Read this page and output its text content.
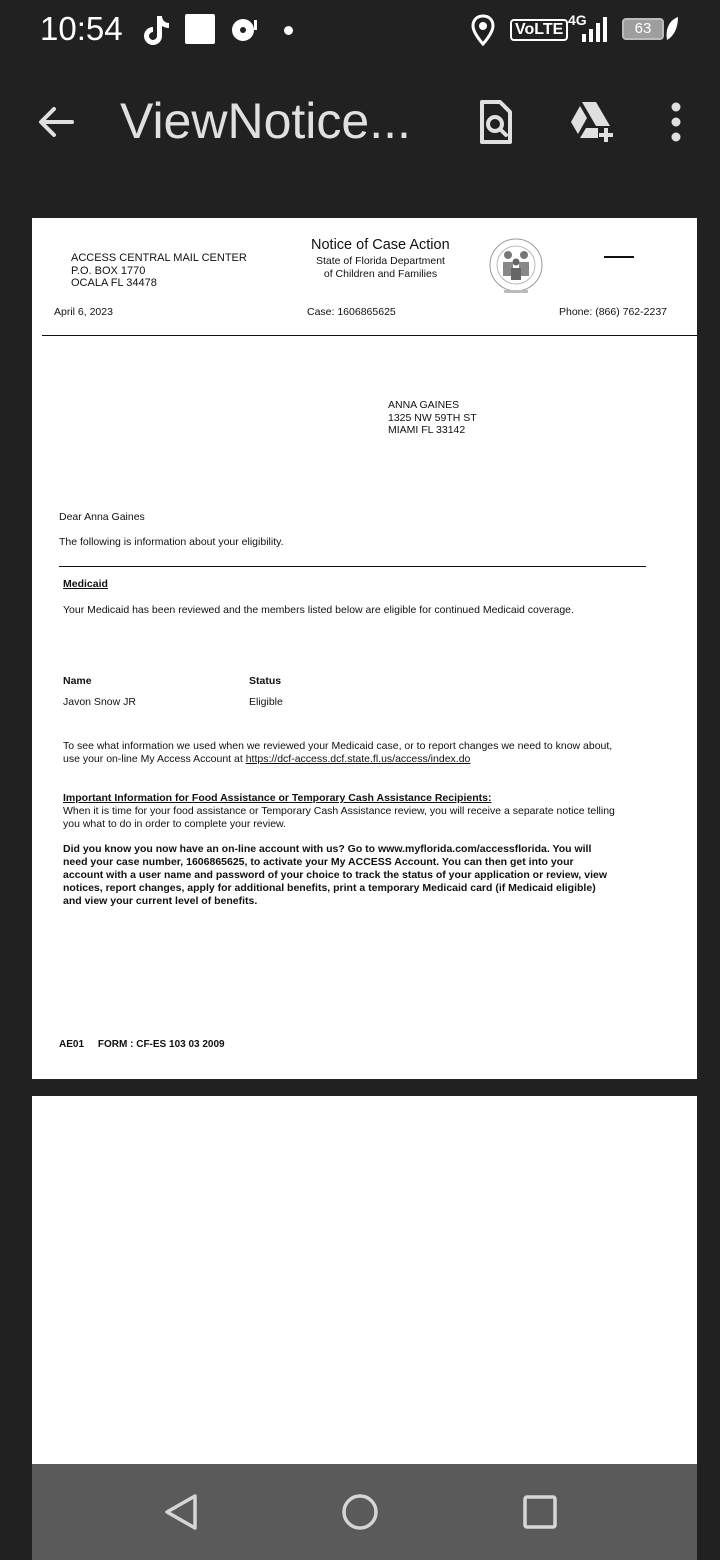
10:54	VoLTE
4G	63
ViewNotice...
ACCESS CENTRAL MAIL CENTER
P.O. BOX 1770
OCALA FL 34478
Notice of Case Action
State of Florida Department
of Children and Families
April 6, 2023	Case: 1606865625	Phone: (866) 762-2237
ANNA GAINES
1325 NW 59TH ST
MIAMI FL 33142
Dear Anna Gaines
The following is information about your eligibility.
Medicaid
Your Medicaid has been reviewed and the members listed below are eligible for continued Medicaid coverage.
Name	Status
Javon Snow JR	Eligible
To see what information we used when we reviewed your Medicaid case, or to report changes we need to know about,
use your on-line My Access Account at https://dcf-access.dcf.state.fl.us/access/index.do
Important Information for Food Assistance or Temporary Cash Assistance Recipients:
When it is time for your food assistance or Temporary Cash Assistance review, you will receive a separate notice telling
you what to do in order to complete your review.
Did you know you now have an on-line account with us? Go to www.myflorida.com/accessflorida. You will
need your case number, 1606865625, to activate your My ACCESS Account. You can then get into your
account with a user name and password of your choice to track the status of your application or review, view
notices, report changes, apply for additional benefits, print a temporary Medicaid card (if Medicaid eligible)
and view your current level of benefits.
AE01     FORM : CF-ES 103 03 2009
